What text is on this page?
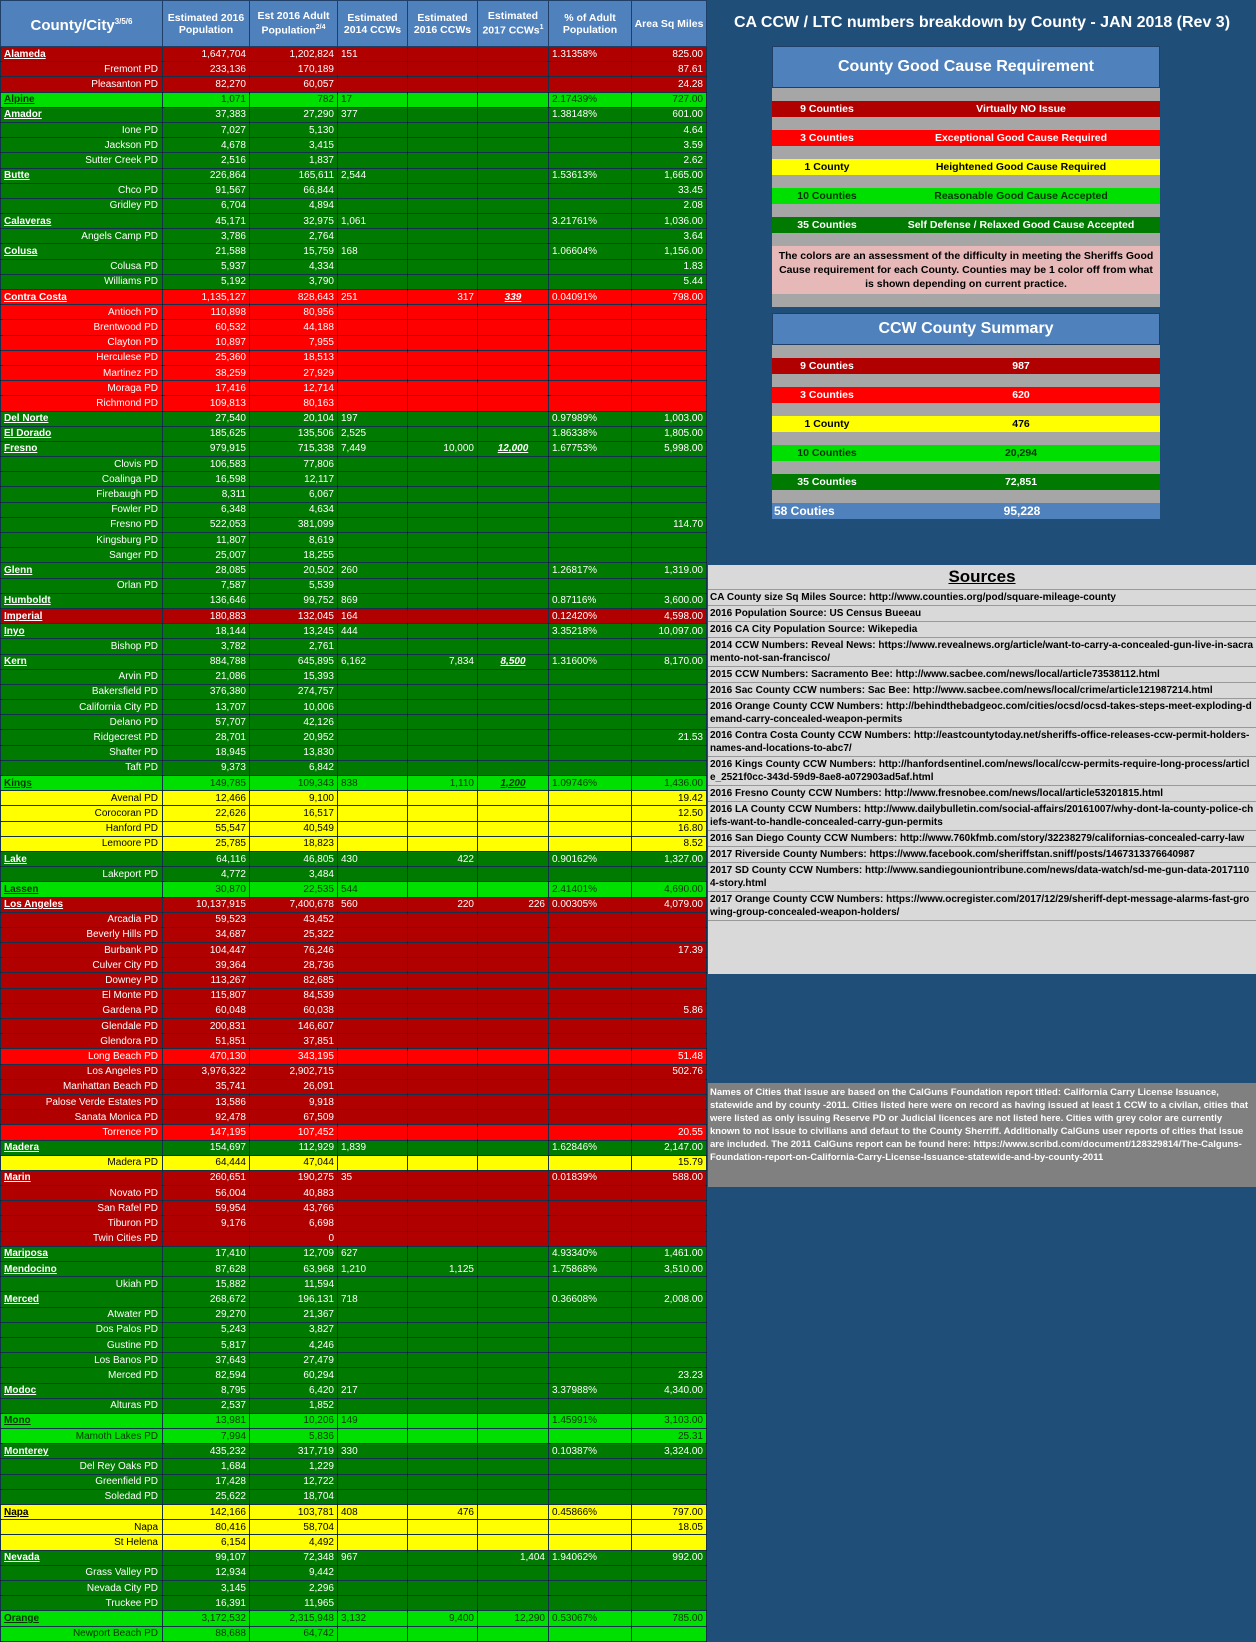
County/City$^{3/5/6}$	Estimated 2016 Population	Est 2016 Adult Population$^{2/4}$	Estimated 2014 CCWs	Estimated 2016 CCWs	Estimated 2017 CCWs$^1$	% of Adult Population	Area Sq Miles
Alameda	1,647,704	1,202,824	151			1.31358%	825.00
Fremont PD	233,136	170,189					87.61
Pleasanton PD	82,270	60,057					24.28
Alpine	1,071	782	17			2.17439%	727.00
Amador	37,383	27,290	377			1.38148%	601.00
Ione PD	7,027	5,130					4.64
Jackson PD	4,678	3,415					3.59
Sutter Creek PD	2,516	1,837					2.62
Butte	226,864	165,611	2,544			1.53613%	1,665.00
Chco PD	91,567	66,844					33.45
Gridley PD	6,704	4,894					2.08
Calaveras	45,171	32,975	1,061			3.21761%	1,036.00
Angels Camp PD	3,786	2,764					3.64
Colusa	21,588	15,759	168			1.06604%	1,156.00
Colusa PD	5,937	4,334					1.83
Williams PD	5,192	3,790					5.44
Contra Costa	1,135,127	828,643	251	317	339	0.04091%	798.00
Antioch PD	110,898	80,956					
Brentwood PD	60,532	44,188					
Clayton PD	10,897	7,955					
Herculese PD	25,360	18,513					
Martinez PD	38,259	27,929					
Moraga PD	17,416	12,714					
Richmond PD	109,813	80,163					
Del Norte	27,540	20,104	197			0.97989%	1,003.00
El Dorado	185,625	135,506	2,525			1.86338%	1,805.00
Fresno	979,915	715,338	7,449	10,000	12,000	1.67753%	5,998.00
Clovis PD	106,583	77,806					
Coalinga PD	16,598	12,117					
Firebaugh PD	8,311	6,067					
Fowler PD	6,348	4,634					
Fresno PD	522,053	381,099					114.70
Kingsburg PD	11,807	8,619					
Sanger PD	25,007	18,255					
Glenn	28,085	20,502	260			1.26817%	1,319.00
Orlan PD	7,587	5,539					
Humboldt	136,646	99,752	869			0.87116%	3,600.00
Imperial	180,883	132,045	164			0.12420%	4,598.00
Inyo	18,144	13,245	444			3.35218%	10,097.00
Bishop PD	3,782	2,761					
Kern	884,788	645,895	6,162	7,834	8,500	1.31600%	8,170.00
Arvin PD	21,086	15,393					
Bakersfield PD	376,380	274,757					
California City PD	13,707	10,006					
Delano PD	57,707	42,126					
Ridgecrest PD	28,701	20,952					21.53
Shafter PD	18,945	13,830					
Taft PD	9,373	6,842					
Kings	149,785	109,343	838	1,110	1,200	1.09746%	1,436.00
Avenal PD	12,466	9,100					19.42
Corocoran PD	22,626	16,517					12.50
Hanford PD	55,547	40,549					16.80
Lemoore PD	25,785	18,823					8.52
Lake	64,116	46,805	430	422		0.90162%	1,327.00
Lakeport PD	4,772	3,484					
Lassen	30,870	22,535	544			2.41401%	4,690.00
Los Angeles	10,137,915	7,400,678	560	220	226	0.00305%	4,079.00
Arcadia PD	59,523	43,452					
Beverly Hills PD	34,687	25,322					
Burbank PD	104,447	76,246					17.39
Culver City PD	39,364	28,736					
Downey PD	113,267	82,685					
El Monte PD	115,807	84,539					
Gardena PD	60,048	60,038					5.86
Glendale PD	200,831	146,607					
Glendora PD	51,851	37,851					
Long Beach PD	470,130	343,195					51.48
Los Angeles PD	3,976,322	2,902,715					502.76
Manhattan Beach PD	35,741	26,091					
Palose Verde Estates PD	13,586	9,918					
Sanata Monica PD	92,478	67,509					
Torrence PD	147,195	107,452					20.55
Madera	154,697	112,929	1,839			1.62846%	2,147.00
Madera PD	64,444	47,044					15.79
Marin	260,651	190,275	35			0.01839%	588.00
Novato PD	56,004	40,883					
San Rafel PD	59,954	43,766					
Tiburon PD	9,176	6,698					
Twin Cities PD		0					
Mariposa	17,410	12,709	627			4.93340%	1,461.00
Mendocino	87,628	63,968	1,210	1,125		1.75868%	3,510.00
Ukiah PD	15,882	11,594					
Merced	268,672	196,131	718			0.36608%	2,008.00
Atwater PD	29,270	21,367					
Dos Palos PD	5,243	3,827					
Gustine PD	5,817	4,246					
Los Banos PD	37,643	27,479					
Merced PD	82,594	60,294					23.23
Modoc	8,795	6,420	217			3.37988%	4,340.00
Alturas PD	2,537	1,852					
Mono	13,981	10,206	149			1.45991%	3,103.00
Mamoth Lakes PD	7,994	5,836					25.31
Monterey	435,232	317,719	330			0.10387%	3,324.00
Del Rey Oaks PD	1,684	1,229					
Greenfield PD	17,428	12,722					
Soledad PD	25,622	18,704					
Napa	142,166	103,781	408	476		0.45866%	797.00
Napa	80,416	58,704					18.05
St Helena	6,154	4,492					
Nevada	99,107	72,348	967		1,404	1.94062%	992.00
Grass Valley PD	12,934	9,442					
Nevada City PD	3,145	2,296					
Truckee PD	16,391	11,965					
Orange	3,172,532	2,315,948	3,132	9,400	12,290	0.53067%	785.00
Newport Beach PD	88,688	64,742					
CA CCW / LTC numbers breakdown by County - JAN 2018 (Rev 3)
County Good Cause Requirement
9 Counties	Virtually NO Issue
3 Counties	Exceptional Good Cause Required
1 County	Heightened Good Cause Required
10 Counties	Reasonable Good Cause Accepted
35 Counties	Self Defense / Relaxed Good Cause Accepted
The colors are an assessment of the difficulty in meeting the Sheriffs Good Cause requirement for each County. Counties may be 1 color off from what is shown depending on current practice.
CCW County Summary
9 Counties	987
3 Counties	620
1 County	476
10 Counties	20,294
35 Counties	72,851
58 Couties	95,228
Sources
CA County size Sq Miles Source: http://www.counties.org/pod/square-mileage-county
2016 Population Source: US Census Bueeau
2016 CA City Population Source: Wikepedia
2014 CCW Numbers: Reveal News: https://www.revealnews.org/article/want-to-carry-a-concealed-gun-live-in-sacramento-not-san-francisco/
2015 CCW Numbers: Sacramento Bee: http://www.sacbee.com/news/local/article73538112.html
2016 Sac County CCW numbers: Sac Bee: http://www.sacbee.com/news/local/crime/article121987214.html
2016 Orange County CCW Numbers: http://behindthebadgeoc.com/cities/ocsd/ocsd-takes-steps-meet-exploding-demand-carry-concealed-weapon-permits
2016 Contra Costa County CCW Numbers: http://eastcountytoday.net/sheriffs-office-releases-ccw-permit-holders-names-and-locations-to-abc7/
2016 Kings County CCW Numbers: http://hanfordsentinel.com/news/local/ccw-permits-require-long-process/article_2521f0cc-343d-59d9-8ae8-a072903ad5af.html
2016 Fresno County CCW Numbers: http://www.fresnobee.com/news/local/article53201815.html
2016 LA County CCW Numbers: http://www.dailybulletin.com/social-affairs/20161007/why-dont-la-county-police-chiefs-want-to-handle-concealed-carry-gun-permits
2016 San Diego County CCW Numbers: http://www.760kfmb.com/story/32238279/californias-concealed-carry-law
2017 Riverside County Numbers: https://www.facebook.com/sheriffstan.sniff/posts/1467313376640987
2017 SD County CCW Numbers: http://www.sandiegouniontribune.com/news/data-watch/sd-me-gun-data-20171104-story.html
2017 Orange County CCW Numbers: https://www.ocregister.com/2017/12/29/sheriff-dept-message-alarms-fast-growing-group-concealed-weapon-holders/
Names of Cities that issue are based on the CalGuns Foundation report titled: California Carry License Issuance, statewide and by county -2011. Cities listed here were on record as having issued at least 1 CCW to a civilan, cities that were listed as only issuing Reserve PD or Judicial licences are not listed here. Cities with grey color are currently known to not issue to civilians and defaut to the County Sherriff. Additionally CalGuns user reports of cities that issue are included. The 2011 CalGuns report can be found here: https://www.scribd.com/document/128329814/The-Calguns-Foundation-report-on-California-Carry-License-Issuance-statewide-and-by-county-2011
